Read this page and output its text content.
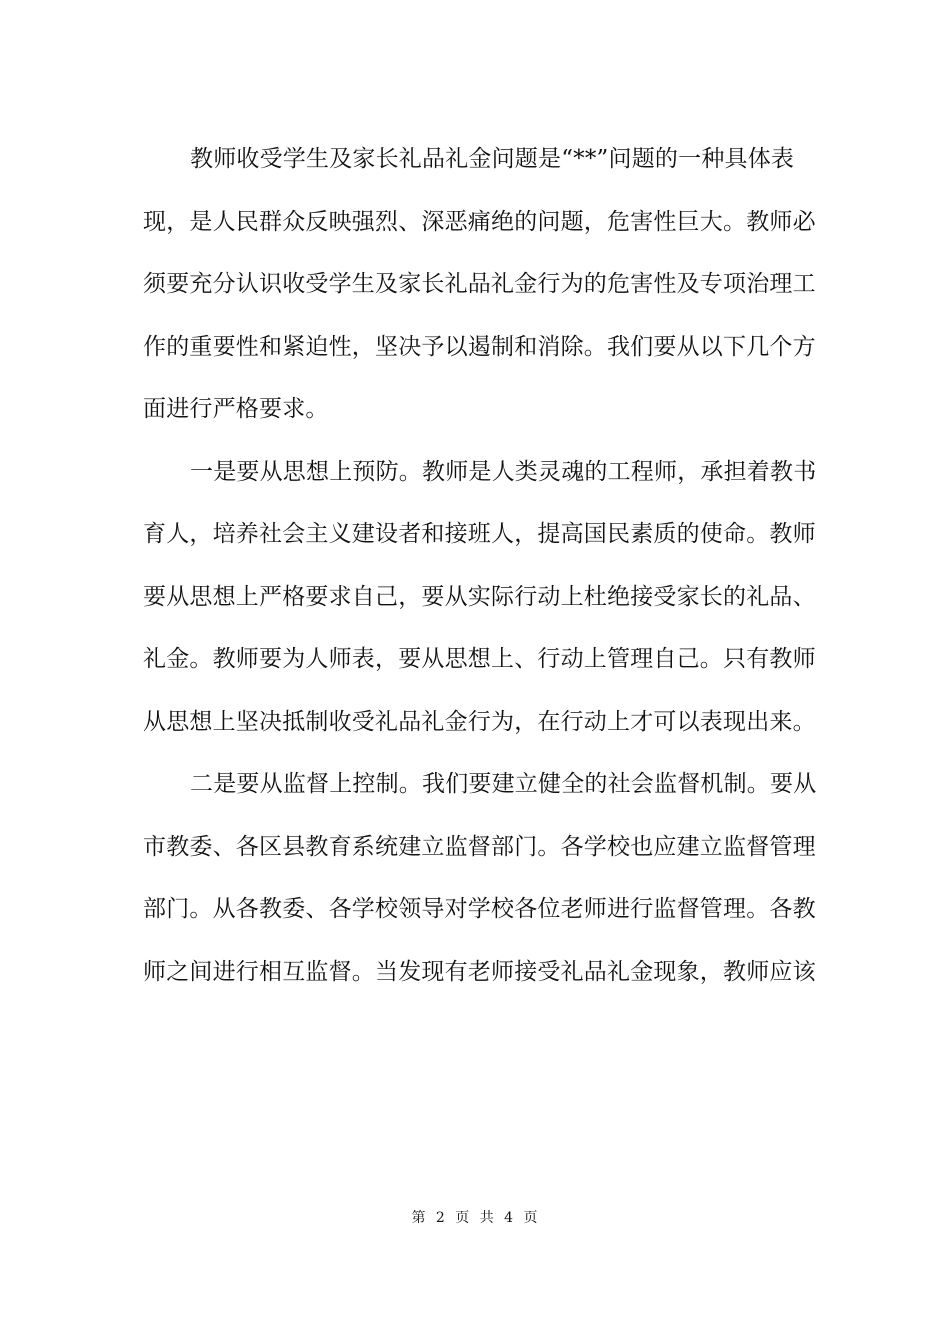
教师收受学生及家长礼品礼金问题是“**”问题的一种具体表
现，是人民群众反映强烈、深恶痛绝的问题，危害性巨大。教师必
须要充分认识收受学生及家长礼品礼金行为的危害性及专项治理工
作的重要性和紧迫性，坚决予以遏制和消除。我们要从以下几个方
面进行严格要求。

一是要从思想上预防。教师是人类灵魂的工程师，承担着教书
育人，培养社会主义建设者和接班人，提高国民素质的使命。教师
要从思想上严格要求自己，要从实际行动上杜绝接受家长的礼品、
礼金。教师要为人师表，要从思想上、行动上管理自己。只有教师
从思想上坚决抵制收受礼品礼金行为，在行动上才可以表现出来。

二是要从监督上控制。我们要建立健全的社会监督机制。要从
市教委、各区县教育系统建立监督部门。各学校也应建立监督管理
部门。从各教委、各学校领导对学校各位老师进行监督管理。各教
师之间进行相互监督。当发现有老师接受礼品礼金现象，教师应该

第 2 页 共 4 页
